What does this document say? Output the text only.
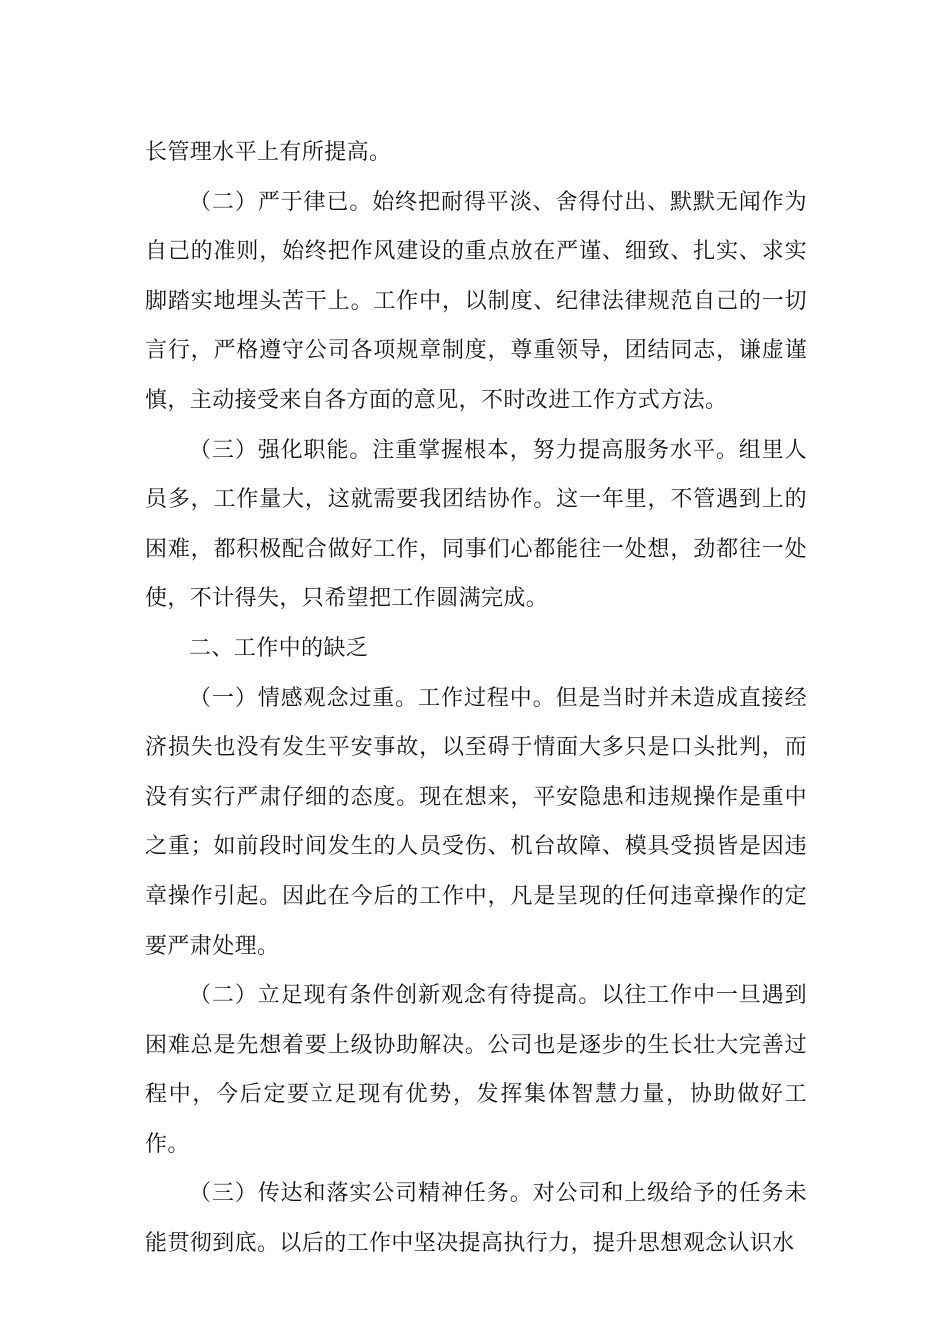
长管理水平上有所提高。

（二）严于律已。始终把耐得平淡、舍得付出、默默无闻作为自己的准则，始终把作风建设的重点放在严谨、细致、扎实、求实脚踏实地埋头苦干上。工作中，以制度、纪律法律规范自己的一切言行，严格遵守公司各项规章制度，尊重领导，团结同志，谦虚谨慎，主动接受来自各方面的意见，不时改进工作方式方法。

（三）强化职能。注重掌握根本，努力提高服务水平。组里人员多，工作量大，这就需要我团结协作。这一年里，不管遇到上的困难，都积极配合做好工作，同事们心都能往一处想，劲都往一处使，不计得失，只希望把工作圆满完成。

二、工作中的缺乏

（一）情感观念过重。工作过程中。但是当时并未造成直接经济损失也没有发生平安事故，以至碍于情面大多只是口头批判，而没有实行严肃仔细的态度。现在想来，平安隐患和违规操作是重中之重；如前段时间发生的人员受伤、机台故障、模具受损皆是因违章操作引起。因此在今后的工作中，凡是呈现的任何违章操作的定要严肃处理。

（二）立足现有条件创新观念有待提高。以往工作中一旦遇到困难总是先想着要上级协助解决。公司也是逐步的生长壮大完善过程中，今后定要立足现有优势，发挥集体智慧力量，协助做好工作。

（三）传达和落实公司精神任务。对公司和上级给予的任务未能贯彻到底。以后的工作中坚决提高执行力，提升思想观念认识水
